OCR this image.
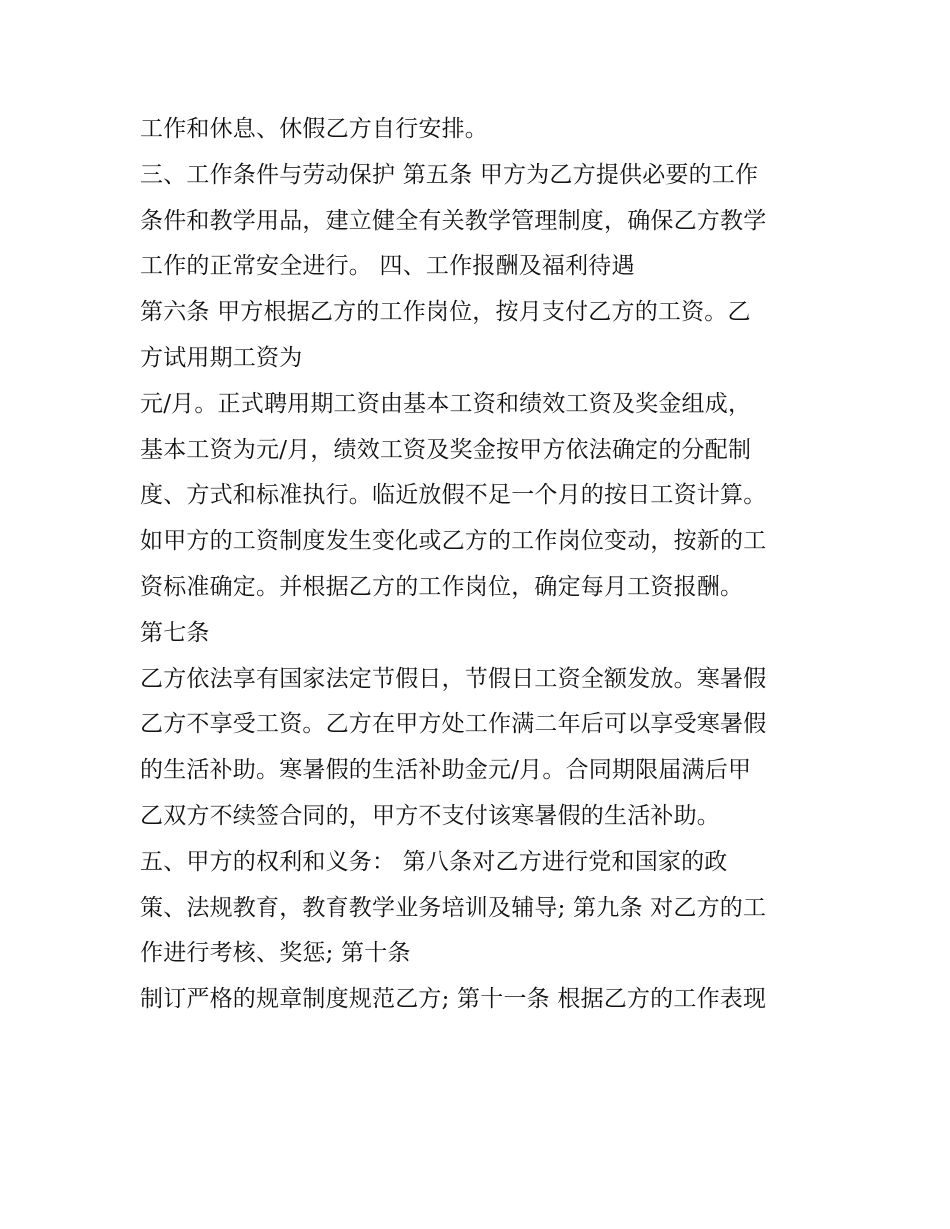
工作和休息、休假乙方自行安排。
三、工作条件与劳动保护 第五条 甲方为乙方提供必要的工作
条件和教学用品，建立健全有关教学管理制度，确保乙方教学
工作的正常安全进行。 四、工作报酬及福利待遇
第六条 甲方根据乙方的工作岗位，按月支付乙方的工资。乙
方试用期工资为
元/月。正式聘用期工资由基本工资和绩效工资及奖金组成，
基本工资为元/月，绩效工资及奖金按甲方依法确定的分配制
度、方式和标准执行。临近放假不足一个月的按日工资计算。
如甲方的工资制度发生变化或乙方的工作岗位变动，按新的工
资标准确定。并根据乙方的工作岗位，确定每月工资报酬。
第七条
乙方依法享有国家法定节假日，节假日工资全额发放。寒暑假
乙方不享受工资。乙方在甲方处工作满二年后可以享受寒暑假
的生活补助。寒暑假的生活补助金元/月。合同期限届满后甲
乙双方不续签合同的，甲方不支付该寒暑假的生活补助。
五、甲方的权利和义务： 第八条对乙方进行党和国家的政
策、法规教育，教育教学业务培训及辅导; 第九条 对乙方的工
作进行考核、奖惩; 第十条
制订严格的规章制度规范乙方; 第十一条 根据乙方的工作表现
